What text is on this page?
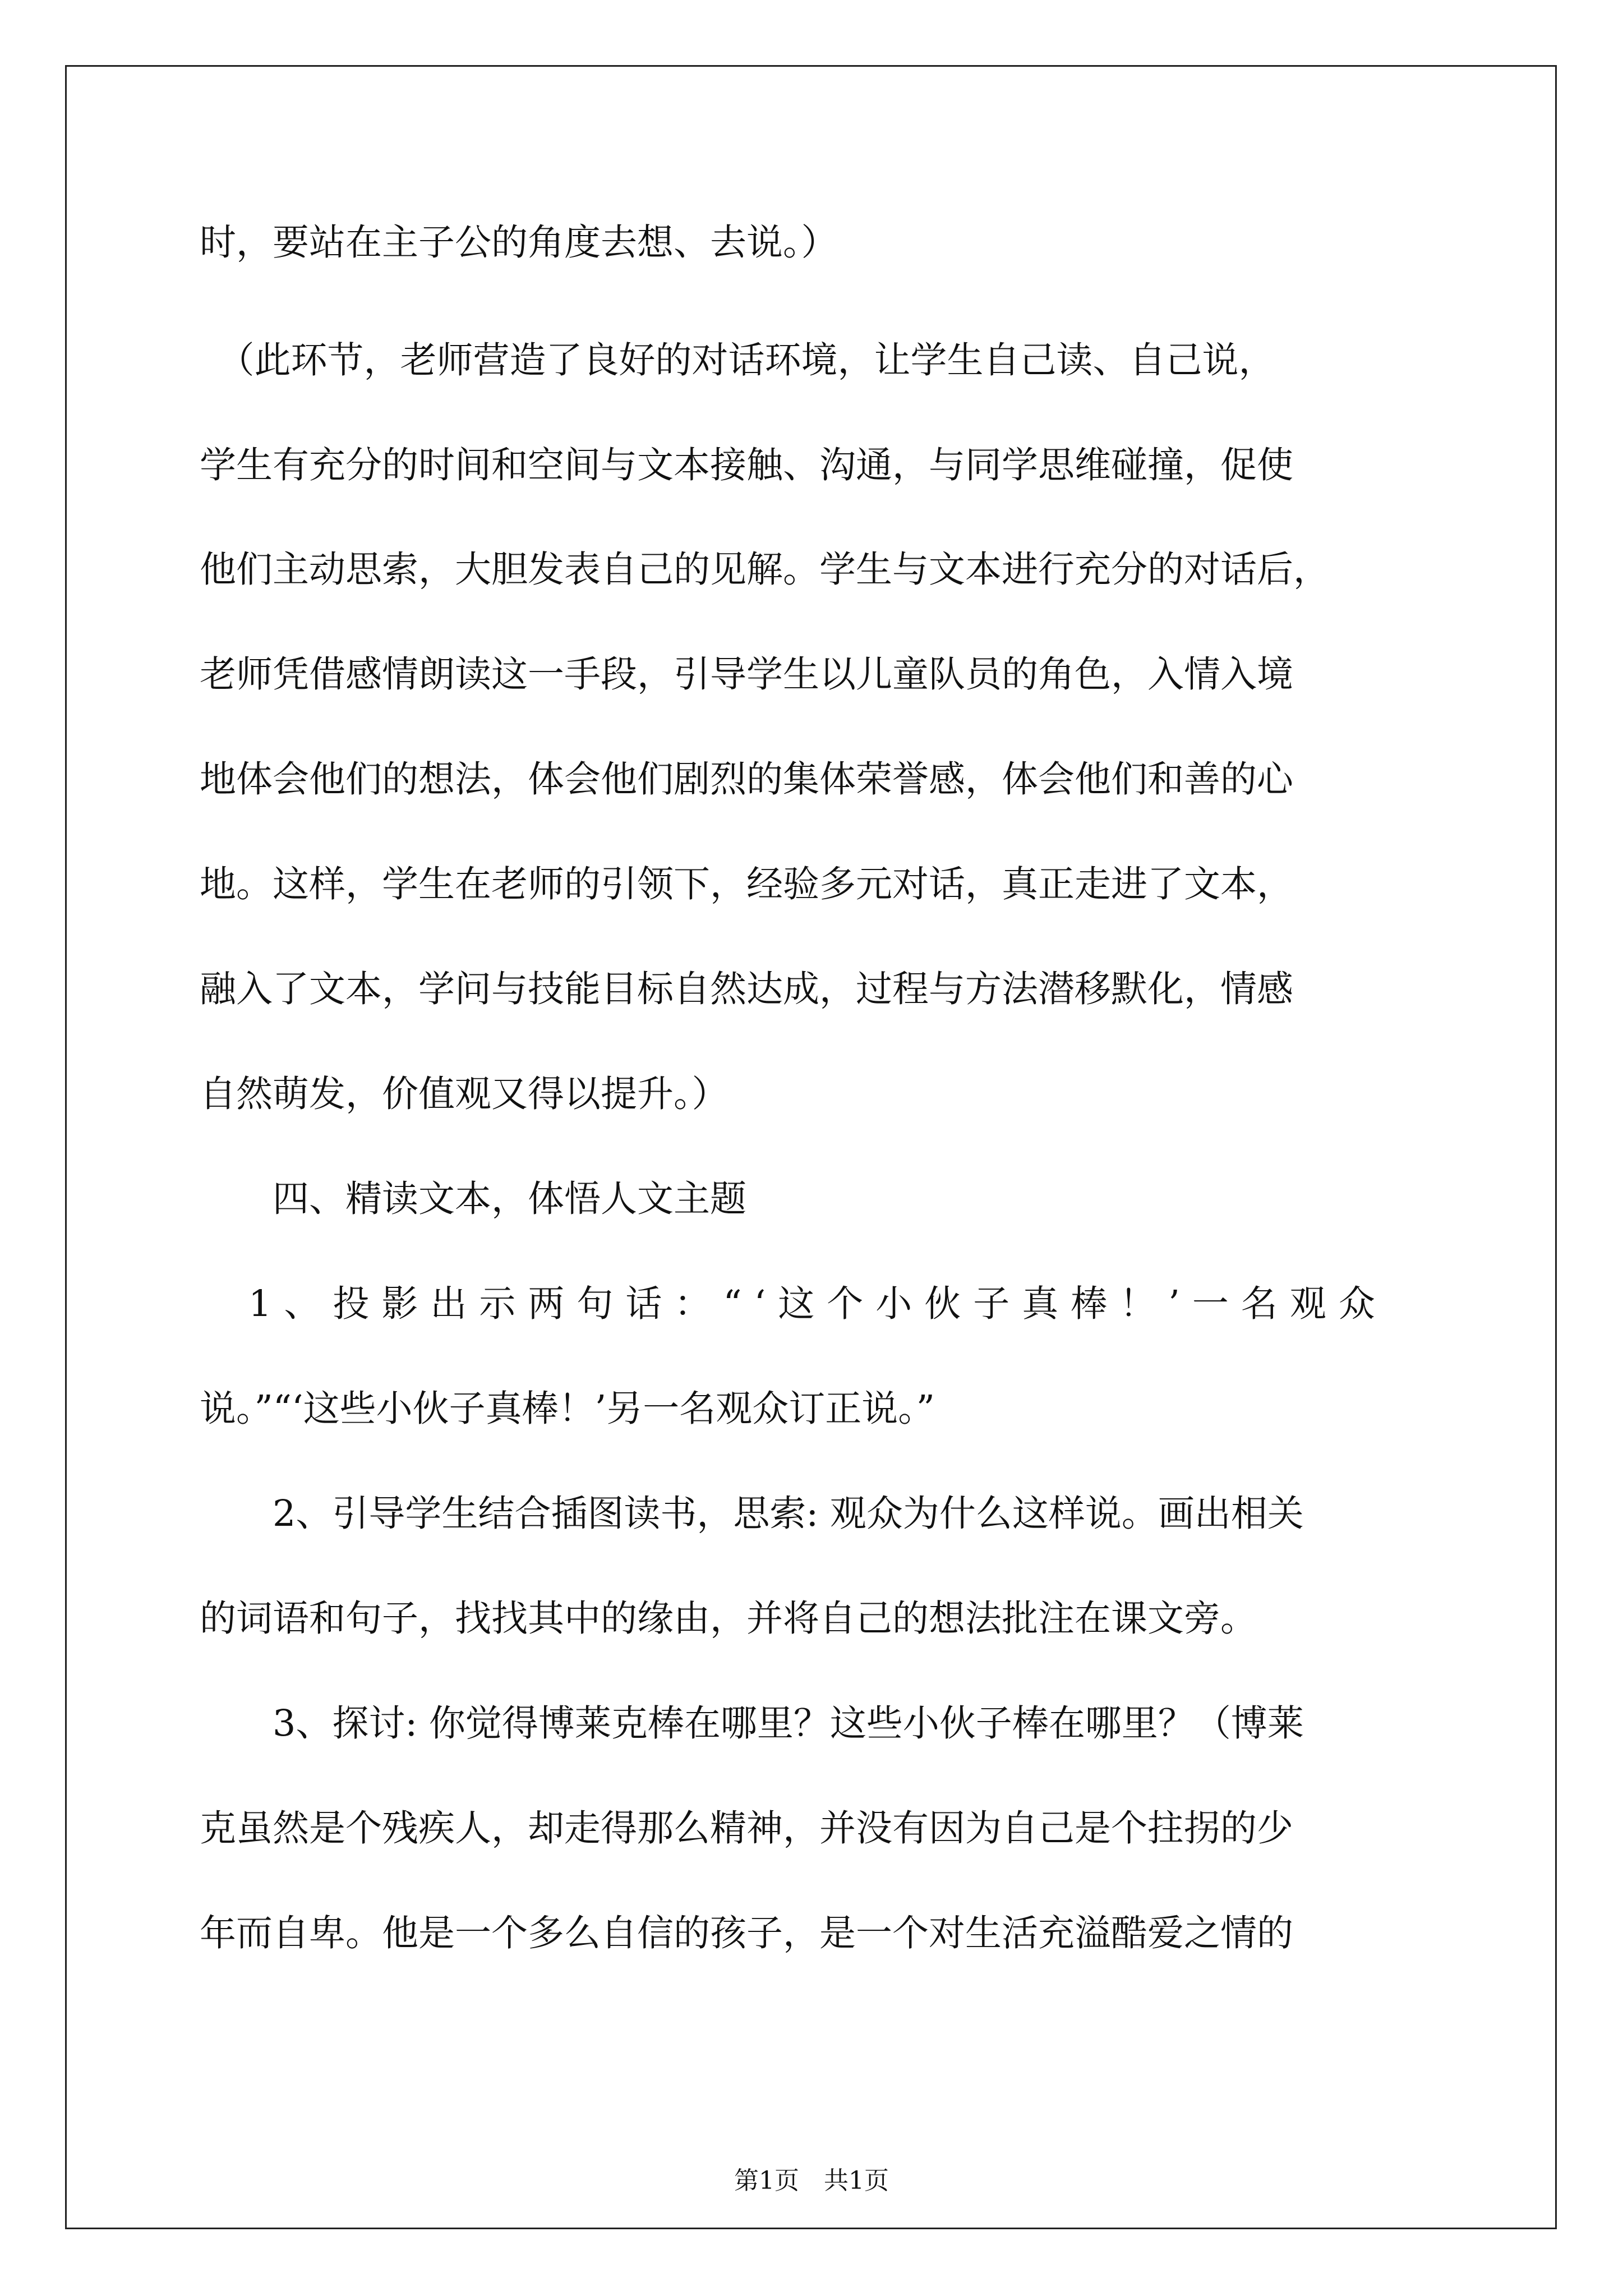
时，要站在主子公的角度去想、去说。）
　（此环节，老师营造了良好的对话环境，让学生自己读、自己说，
学生有充分的时间和空间与文本接触、沟通，与同学思维碰撞，促使
他们主动思索，大胆发表自己的见解。学生与文本进行充分的对话后，
老师凭借感情朗读这一手段，引导学生以儿童队员的角色，入情入境
地体会他们的想法，体会他们剧烈的集体荣誉感，体会他们和善的心
地。这样，学生在老师的引领下，经验多元对话，真正走进了文本，
融入了文本，学问与技能目标自然达成，过程与方法潜移默化，情感
自然萌发，价值观又得以提升。）
　　四、精读文本，体悟人文主题
　1、投影出示两句话：“‘这个小伙子真棒！’一名观众
说。”“‘这些小伙子真棒！’另一名观众订正说。”
　　2、引导学生结合插图读书，思索: 观众为什么这样说。画出相关
的词语和句子，找找其中的缘由，并将自己的想法批注在课文旁。
　　3、探讨: 你觉得博莱克棒在哪里？这些小伙子棒在哪里？（博莱
克虽然是个残疾人，却走得那么精神，并没有因为自己是个拄拐的少
年而自卑。他是一个多么自信的孩子，是一个对生活充溢酷爱之情的
第1页　共1页
